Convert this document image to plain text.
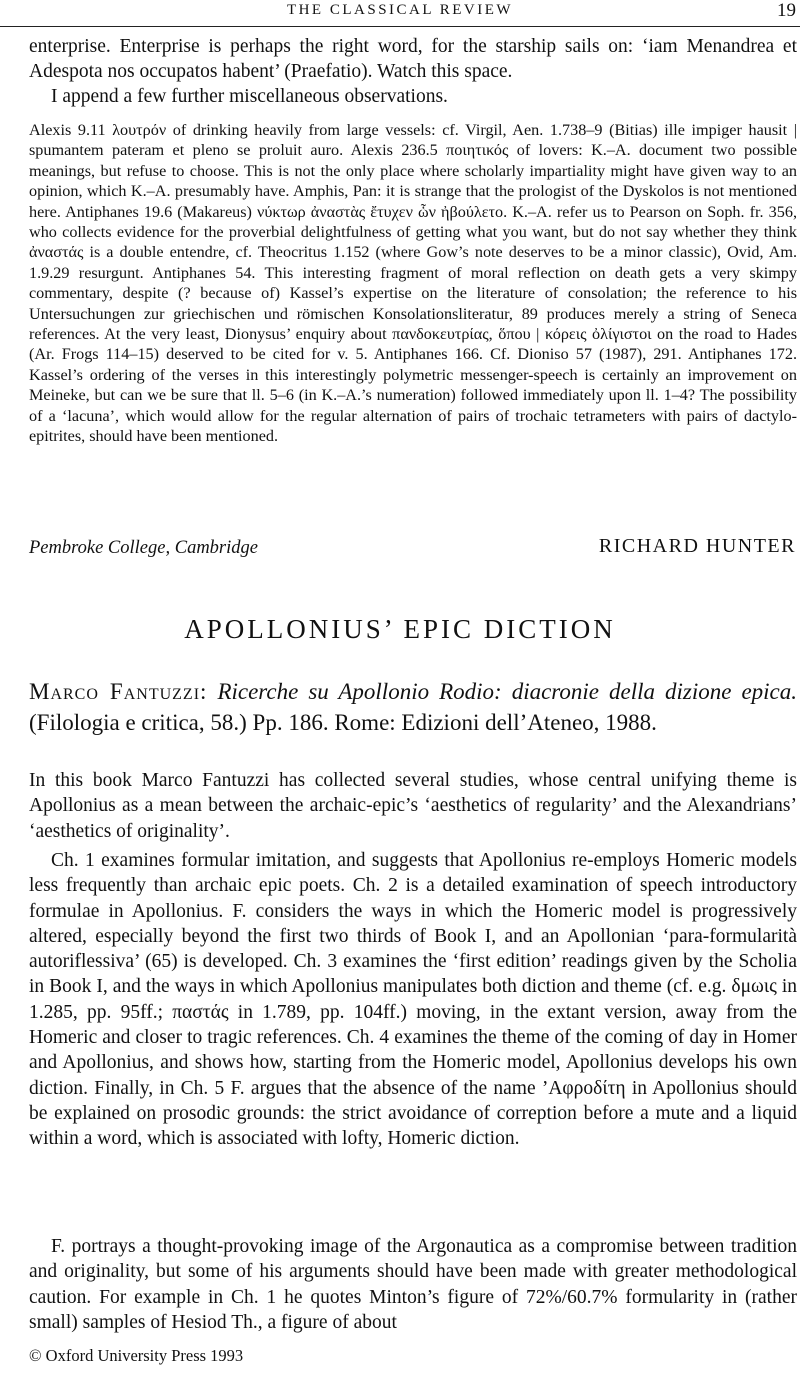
THE CLASSICAL REVIEW	19

enterprise. Enterprise is perhaps the right word, for the starship sails on: ‘iam Menandrea et Adespota nos occupatos habent’ (Praefatio). Watch this space.

I append a few further miscellaneous observations.

Alexis 9.11 λουτρόν of drinking heavily from large vessels: cf. Virgil, Aen. 1.738–9 (Bitias) ille impiger hausit | spumantem pateram et pleno se proluit auro. Alexis 236.5 ποιητικός of lovers: K.–A. document two possible meanings, but refuse to choose. This is not the only place where scholarly impartiality might have given way to an opinion, which K.–A. presumably have. Amphis, Pan: it is strange that the prologist of the Dyskolos is not mentioned here. Antiphanes 19.6 (Makareus) νύκτωρ ἀναστὰς ἔτυχεν ὧν ἠβούλετο. K.–A. refer us to Pearson on Soph. fr. 356, who collects evidence for the proverbial delightfulness of getting what you want, but do not say whether they think ἀναστάς is a double entendre, cf. Theocritus 1.152 (where Gow’s note deserves to be a minor classic), Ovid, Am. 1.9.29 resurgunt. Antiphanes 54. This interesting fragment of moral reflection on death gets a very skimpy commentary, despite (? because of) Kassel’s expertise on the literature of consolation; the reference to his Untersuchungen zur griechischen und römischen Konsolationsliteratur, 89 produces merely a string of Seneca references. At the very least, Dionysus’ enquiry about πανδοκευτρίας, ὅπου | κόρεις ὀλίγιστοι on the road to Hades (Ar. Frogs 114–15) deserved to be cited for v. 5. Antiphanes 166. Cf. Dioniso 57 (1987), 291. Antiphanes 172. Kassel’s ordering of the verses in this interestingly polymetric messenger-speech is certainly an improvement on Meineke, but can we be sure that ll. 5–6 (in K.–A.’s numeration) followed immediately upon ll. 1–4? The possibility of a ‘lacuna’, which would allow for the regular alternation of pairs of trochaic tetrameters with pairs of dactylo-epitrites, should have been mentioned.

Pembroke College, Cambridge	RICHARD HUNTER
APOLLONIUS’ EPIC DICTION

Marco Fantuzzi: Ricerche su Apollonio Rodio: diacronie della dizione epica. (Filologia e critica, 58.) Pp. 186. Rome: Edizioni dell’Ateneo, 1988.

In this book Marco Fantuzzi has collected several studies, whose central unifying theme is Apollonius as a mean between the archaic-epic’s ‘aesthetics of regularity’ and the Alexandrians’ ‘aesthetics of originality’.

Ch. 1 examines formular imitation, and suggests that Apollonius re-employs Homeric models less frequently than archaic epic poets. Ch. 2 is a detailed examination of speech introductory formulae in Apollonius. F. considers the ways in which the Homeric model is progressively altered, especially beyond the first two thirds of Book I, and an Apollonian ‘para-formularità autoriflessiva’ (65) is developed. Ch. 3 examines the ‘first edition’ readings given by the Scholia in Book I, and the ways in which Apollonius manipulates both diction and theme (cf. e.g. δμωις in 1.285, pp. 95ff.; παστάς in 1.789, pp. 104ff.) moving, in the extant version, away from the Homeric and closer to tragic references. Ch. 4 examines the theme of the coming of day in Homer and Apollonius, and shows how, starting from the Homeric model, Apollonius develops his own diction. Finally, in Ch. 5 F. argues that the absence of the name ’Αφροδίτη in Apollonius should be explained on prosodic grounds: the strict avoidance of correption before a mute and a liquid within a word, which is associated with lofty, Homeric diction.

F. portrays a thought-provoking image of the Argonautica as a compromise between tradition and originality, but some of his arguments should have been made with greater methodological caution. For example in Ch. 1 he quotes Minton’s figure of 72%/60.7% formularity in (rather small) samples of Hesiod Th., a figure of about

© Oxford University Press 1993
